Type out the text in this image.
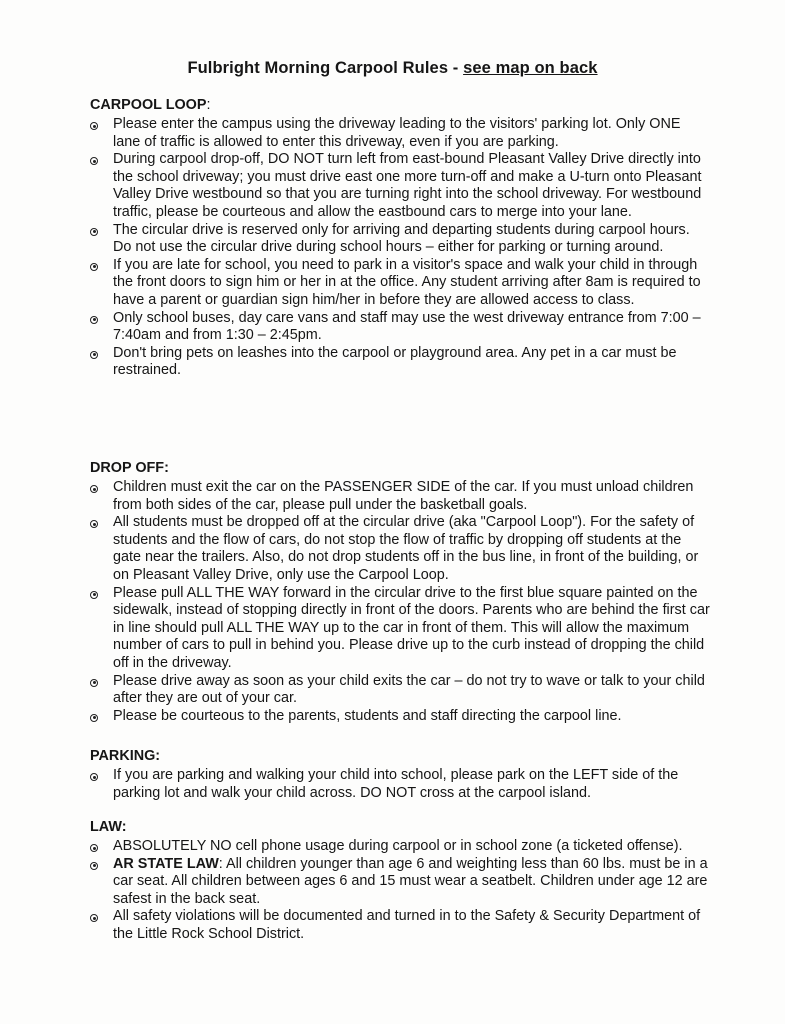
Fulbright Morning Carpool Rules - see map on back
CARPOOL LOOP:
Please enter the campus using the driveway leading to the visitors' parking lot. Only ONE lane of traffic is allowed to enter this driveway, even if you are parking.
During carpool drop-off, DO NOT turn left from east-bound Pleasant Valley Drive directly into the school driveway; you must drive east one more turn-off and make a U-turn onto Pleasant Valley Drive westbound so that you are turning right into the school driveway. For westbound traffic, please be courteous and allow the eastbound cars to merge into your lane.
The circular drive is reserved only for arriving and departing students during carpool hours. Do not use the circular drive during school hours – either for parking or turning around.
If you are late for school, you need to park in a visitor's space and walk your child in through the front doors to sign him or her in at the office. Any student arriving after 8am is required to have a parent or guardian sign him/her in before they are allowed access to class.
Only school buses, day care vans and staff may use the west driveway entrance from 7:00 – 7:40am and from 1:30 – 2:45pm.
Don't bring pets on leashes into the carpool or playground area. Any pet in a car must be restrained.
DROP OFF:
Children must exit the car on the PASSENGER SIDE of the car. If you must unload children from both sides of the car, please pull under the basketball goals.
All students must be dropped off at the circular drive (aka "Carpool Loop"). For the safety of students and the flow of cars, do not stop the flow of traffic by dropping off students at the gate near the trailers. Also, do not drop students off in the bus line, in front of the building, or on Pleasant Valley Drive, only use the Carpool Loop.
Please pull ALL THE WAY forward in the circular drive to the first blue square painted on the sidewalk, instead of stopping directly in front of the doors. Parents who are behind the first car in line should pull ALL THE WAY up to the car in front of them. This will allow the maximum number of cars to pull in behind you. Please drive up to the curb instead of dropping the child off in the driveway.
Please drive away as soon as your child exits the car – do not try to wave or talk to your child after they are out of your car.
Please be courteous to the parents, students and staff directing the carpool line.
PARKING:
If you are parking and walking your child into school, please park on the LEFT side of the parking lot and walk your child across. DO NOT cross at the carpool island.
LAW:
ABSOLUTELY NO cell phone usage during carpool or in school zone (a ticketed offense).
AR STATE LAW: All children younger than age 6 and weighting less than 60 lbs. must be in a car seat. All children between ages 6 and 15 must wear a seatbelt. Children under age 12 are safest in the back seat.
All safety violations will be documented and turned in to the Safety & Security Department of the Little Rock School District.
